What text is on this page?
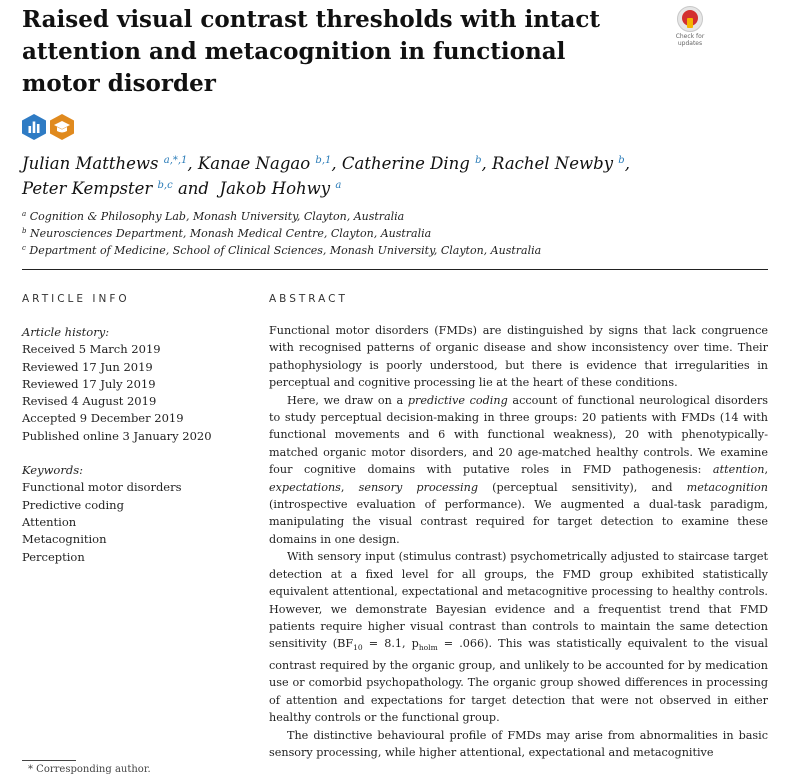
Raised visual contrast thresholds with intact attention and metacognition in functional motor disorder
Check for
updates
Julian Matthews $^{a,*,1}$, Kanae Nagao $^{b,1}$, Catherine Ding $^b$, Rachel Newby $^b$,
Peter Kempster $^{b,c}$ and  Jakob Hohwy $^a$
$^a$ Cognition & Philosophy Lab, Monash University, Clayton, Australia
$^b$ Neurosciences Department, Monash Medical Centre, Clayton, Australia
$^c$ Department of Medicine, School of Clinical Sciences, Monash University, Clayton, Australia
ARTICLE INFO	ABSTRACT
Article history:
Received 5 March 2019
Reviewed 17 Jun 2019
Reviewed 17 July 2019
Revised 4 August 2019
Accepted 9 December 2019
Published online 3 January 2020
Keywords:
Functional motor disorders
Predictive coding
Attention
Metacognition
Perception

Functional motor disorders (FMDs) are distinguished by signs that lack congruence with recognised patterns of organic disease and show inconsistency over time. Their pathophysiology is poorly understood, but there is evidence that irregularities in perceptual and cognitive processing lie at the heart of these conditions.

Here, we draw on a predictive coding account of functional neurological disorders to study perceptual decision-making in three groups: 20 patients with FMDs (14 with functional movements and 6 with functional weakness), 20 with phenotypically-matched organic motor disorders, and 20 age-matched healthy controls. We examine four cognitive domains with putative roles in FMD pathogenesis: attention, expectations, sensory processing (perceptual sensitivity), and metacognition (introspective evaluation of performance). We augmented a dual-task paradigm, manipulating the visual contrast required for target detection to examine these domains in one design.

With sensory input (stimulus contrast) psychometrically adjusted to staircase target detection at a fixed level for all groups, the FMD group exhibited statistically equivalent attentional, expectational and metacognitive processing to healthy controls. However, we demonstrate Bayesian evidence and a frequentist trend that FMD patients require higher visual contrast than controls to maintain the same detection sensitivity ($BF_{10} = 8.1$, $p_{holm} = .066$). This was statistically equivalent to the visual contrast required by the organic group, and unlikely to be accounted for by medication use or comorbid psychopathology. The organic group showed differences in processing of attention and expectations for target detection that were not observed in either healthy controls or the functional group.

The distinctive behavioural profile of FMDs may arise from abnormalities in basic sensory processing, while higher attentional, expectational and metacognitive

* Corresponding author.
